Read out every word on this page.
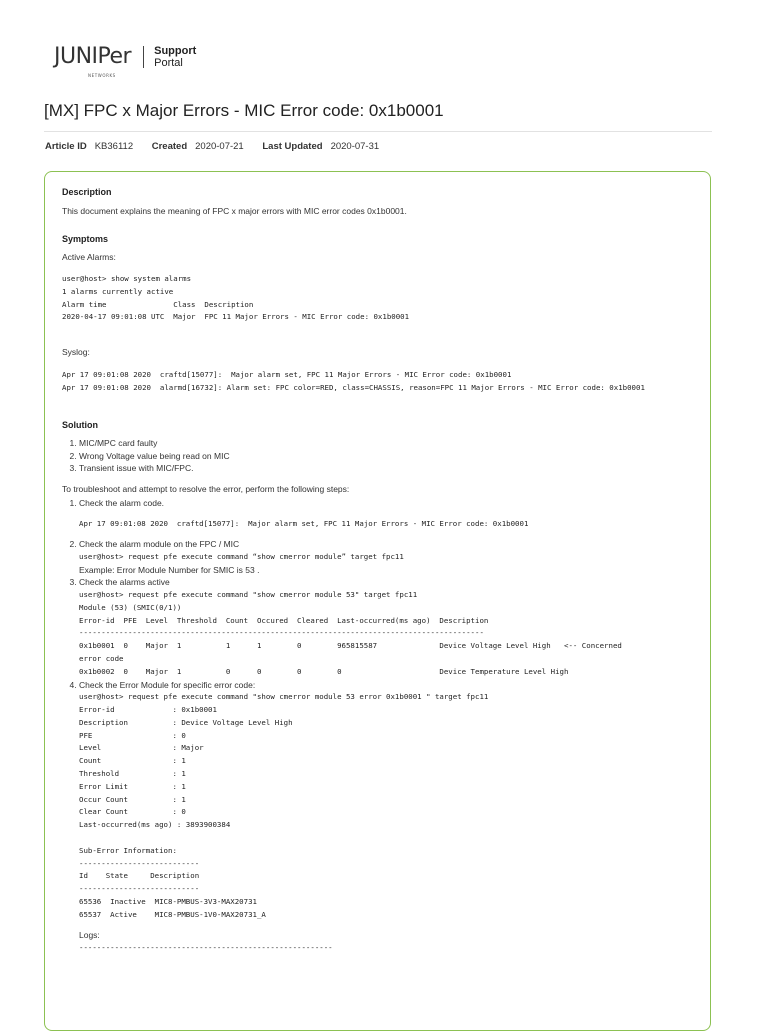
JUNIPer
NETWORKS
Support
Portal
[MX] FPC x Major Errors - MIC Error code: 0x1b0001
Article ID KB36112 Created 2020-07-21 Last Updated 2020-07-31
Description
This document explains the meaning of FPC x major errors with MIC error codes 0x1b0001.
Symptoms
Active Alarms:
user@host> show system alarms
1 alarms currently active
Alarm time               Class  Description
2020-04-17 09:01:08 UTC  Major  FPC 11 Major Errors - MIC Error code: 0x1b0001
Syslog:
Apr 17 09:01:08 2020  craftd[15077]:  Major alarm set, FPC 11 Major Errors - MIC Error code: 0x1b0001
Apr 17 09:01:08 2020  alarmd[16732]: Alarm set: FPC color=RED, class=CHASSIS, reason=FPC 11 Major Errors - MIC Error code: 0x1b0001
Solution
1. MIC/MPC card faulty
2. Wrong Voltage value being read on MIC
3. Transient issue with MIC/FPC.
To troubleshoot and attempt to resolve the error, perform the following steps:
1. Check the alarm code.
Apr 17 09:01:08 2020  craftd[15077]:  Major alarm set, FPC 11 Major Errors - MIC Error code: 0x1b0001
2. Check the alarm module on the FPC / MIC
user@host> request pfe execute command “show cmerror module” target fpc11
Example: Error Module Number for SMIC is 53 .
3. Check the alarms active
user@host> request pfe execute command "show cmerror module 53" target fpc11
Module (53) (SMIC(0/1))
Error-id  PFE  Level  Threshold  Count  Occured  Cleared  Last-occurred(ms ago)  Description
-------------------------------------------------------------------------------------------
0x1b0001  0    Major  1          1      1        0        965815587              Device Voltage Level High   <-- Concerned
error code
0x1b0002  0    Major  1          0      0        0        0                      Device Temperature Level High
4. Check the Error Module for specific error code:
user@host> request pfe execute command "show cmerror module 53 error 0x1b0001 " target fpc11
Error-id             : 0x1b0001
Description          : Device Voltage Level High
PFE                  : 0
Level                : Major
Count                : 1
Threshold            : 1
Error Limit          : 1
Occur Count          : 1
Clear Count          : 0
Last-occurred(ms ago) : 3893900384

Sub-Error Information:
---------------------------
Id    State     Description
---------------------------
65536  Inactive  MIC8-PMBUS-3V3-MAX20731
65537  Active    MIC8-PMBUS-1V0-MAX20731_A
Logs:
---------------------------------------------------------
